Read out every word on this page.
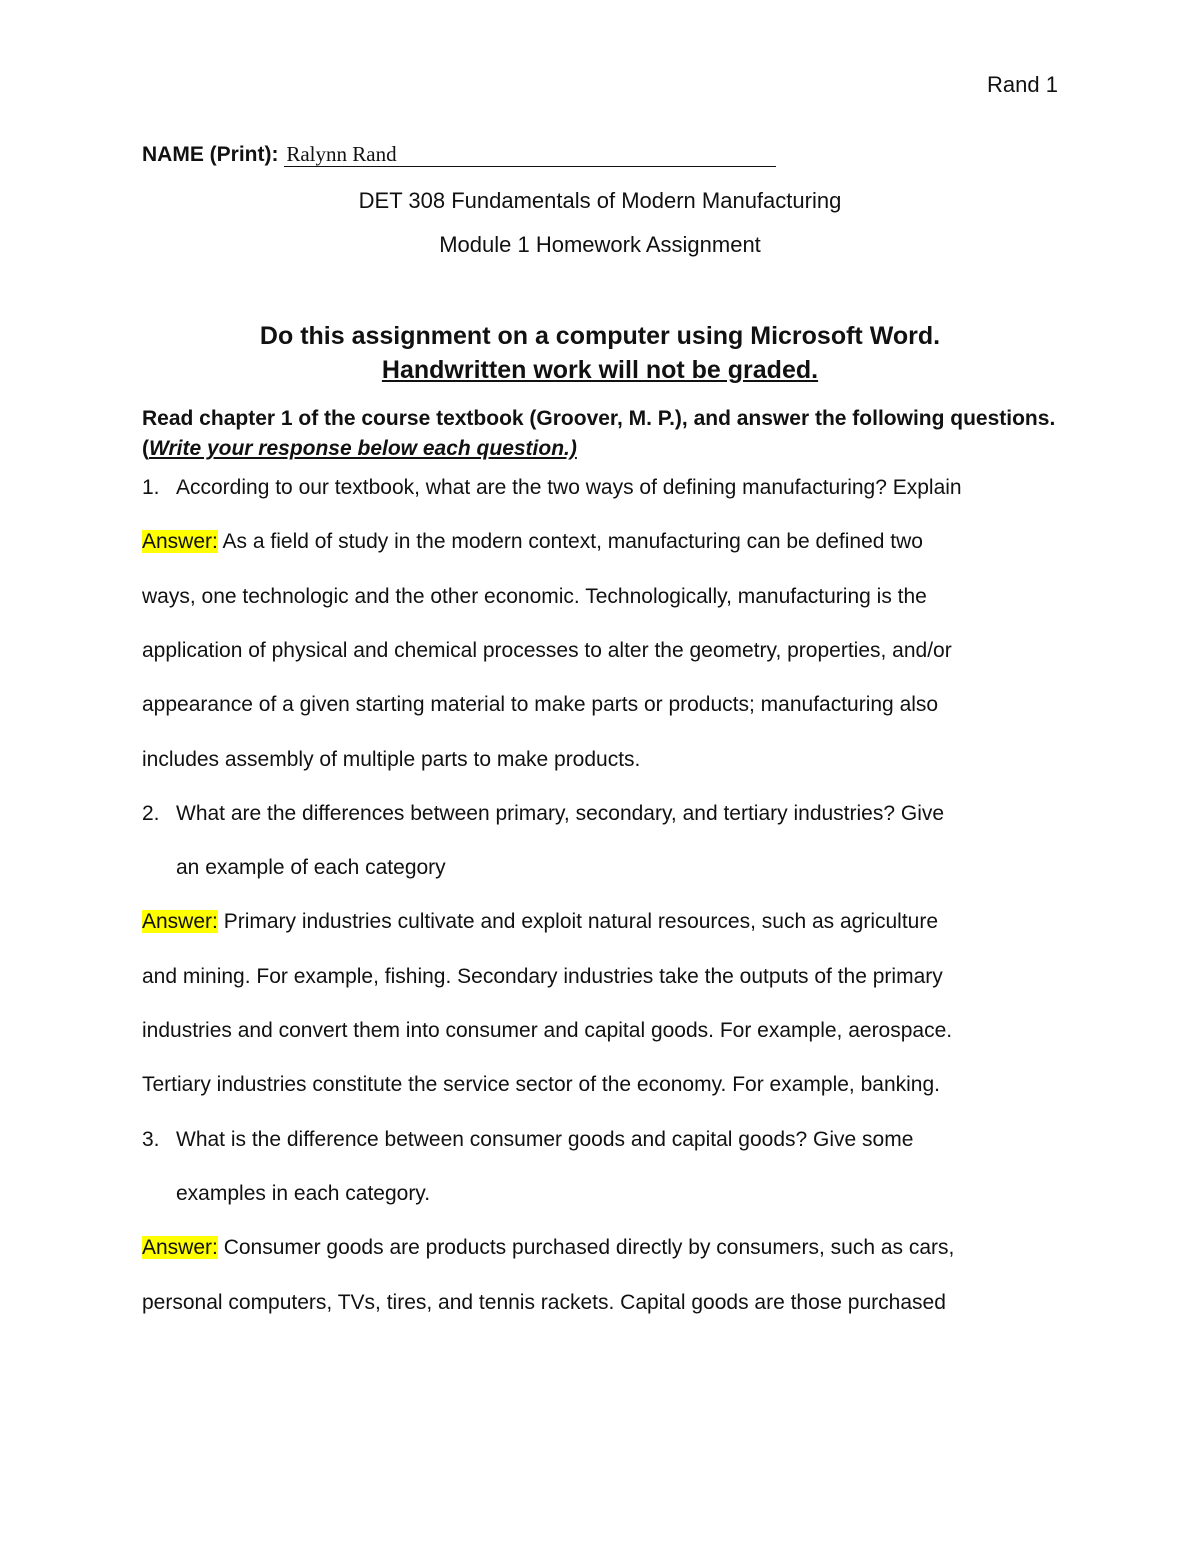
Rand 1
NAME (Print): Ralynn Rand
DET 308 Fundamentals of Modern Manufacturing
Module 1 Homework Assignment
Do this assignment on a computer using Microsoft Word.
Handwritten work will not be graded.
Read chapter 1 of the course textbook (Groover, M. P.), and answer the following questions. (Write your response below each question.)
1. According to our textbook, what are the two ways of defining manufacturing? Explain
Answer: As a field of study in the modern context, manufacturing can be defined two
ways, one technologic and the other economic. Technologically, manufacturing is the
application of physical and chemical processes to alter the geometry, properties, and/or
appearance of a given starting material to make parts or products; manufacturing also
includes assembly of multiple parts to make products.
2. What are the differences between primary, secondary, and tertiary industries? Give
an example of each category
Answer: Primary industries cultivate and exploit natural resources, such as agriculture
and mining. For example, fishing. Secondary industries take the outputs of the primary
industries and convert them into consumer and capital goods. For example, aerospace.
Tertiary industries constitute the service sector of the economy. For example, banking.
3. What is the difference between consumer goods and capital goods? Give some
examples in each category.
Answer: Consumer goods are products purchased directly by consumers, such as cars,
personal computers, TVs, tires, and tennis rackets. Capital goods are those purchased
